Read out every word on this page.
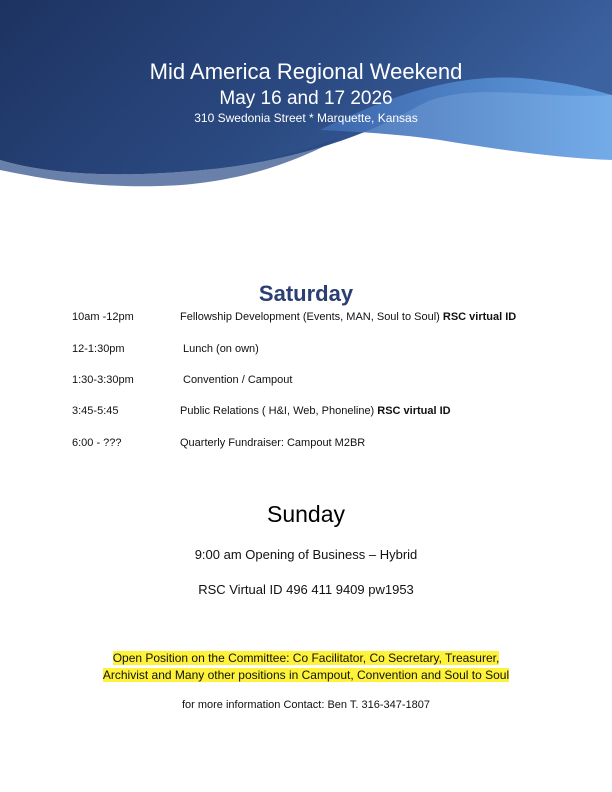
Mid America Regional Weekend
May 16 and 17 2026
310 Swedonia Street * Marquette, Kansas
Saturday
10am -12pm	Fellowship Development (Events, MAN, Soul to Soul) RSC virtual ID
12-1:30pm	Lunch (on own)
1:30-3:30pm	Convention / Campout
3:45-5:45	Public Relations ( H&I, Web, Phoneline) RSC virtual ID
6:00 - ???	Quarterly Fundraiser: Campout M2BR
Sunday
9:00 am Opening of Business – Hybrid
RSC Virtual ID 496 411 9409 pw1953
Open Position on the Committee: Co Facilitator, Co Secretary, Treasurer,
Archivist and Many other positions in Campout, Convention and Soul to Soul
for more information Contact: Ben T. 316-347-1807
